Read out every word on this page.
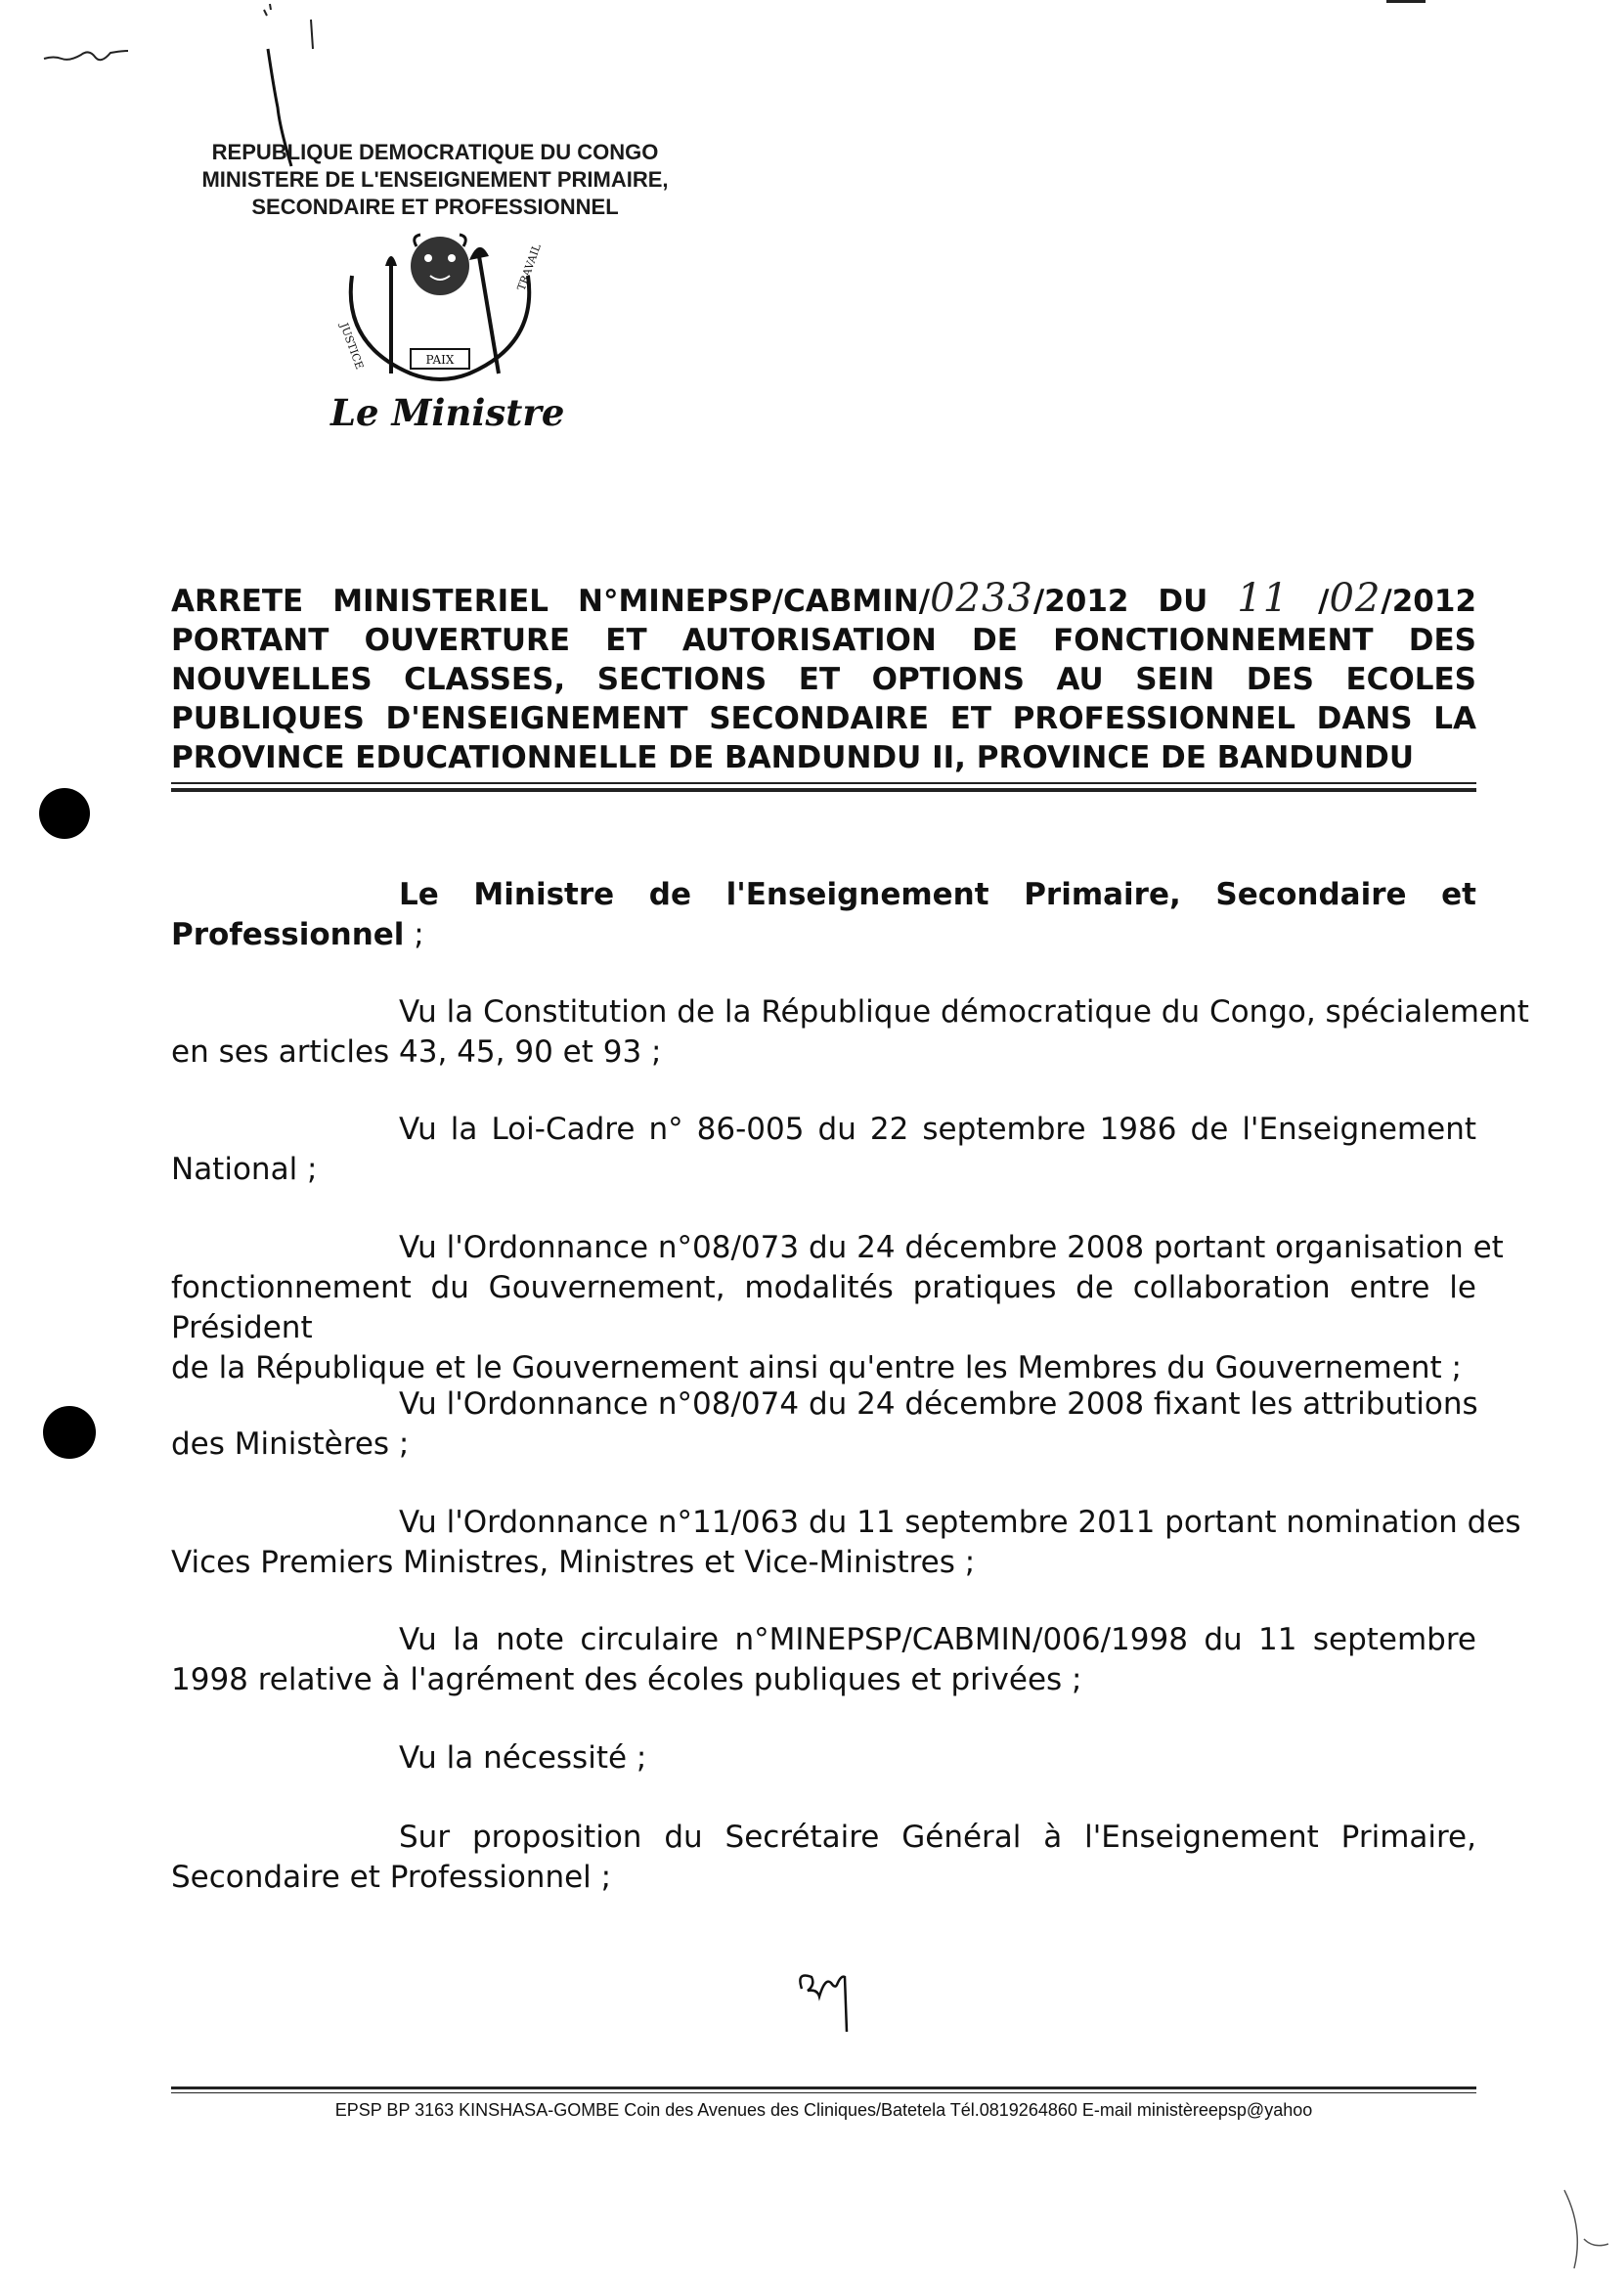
REPUBLIQUE DEMOCRATIQUE DU CONGO
MINISTERE DE L'ENSEIGNEMENT PRIMAIRE,
SECONDAIRE ET PROFESSIONNEL
PAIX
JUSTICE
TRAVAIL
Le Ministre
ARRETE MINISTERIEL N°MINEPSP/CABMIN/0233/2012 DU 11 /02/2012
PORTANT OUVERTURE ET AUTORISATION DE FONCTIONNEMENT DES
NOUVELLES CLASSES, SECTIONS ET OPTIONS AU SEIN DES ECOLES
PUBLIQUES D'ENSEIGNEMENT SECONDAIRE ET PROFESSIONNEL DANS LA
PROVINCE EDUCATIONNELLE DE BANDUNDU II, PROVINCE DE BANDUNDU
Le Ministre de l'Enseignement Primaire, Secondaire et
Professionnel ;
Vu la Constitution de la République démocratique du Congo, spécialement
en ses articles 43, 45, 90 et 93 ;
Vu la Loi-Cadre n° 86-005 du 22 septembre 1986 de l'Enseignement
National ;
Vu l'Ordonnance n°08/073 du 24 décembre 2008 portant organisation et
fonctionnement du Gouvernement, modalités pratiques de collaboration entre le Président
de la République et le Gouvernement ainsi qu'entre les Membres du Gouvernement ;
Vu l'Ordonnance n°08/074 du 24 décembre 2008 fixant les attributions
des Ministères ;
Vu l'Ordonnance n°11/063 du 11 septembre 2011 portant nomination des
Vices Premiers Ministres, Ministres et Vice-Ministres ;
Vu la note circulaire n°MINEPSP/CABMIN/006/1998 du 11 septembre
1998 relative à l'agrément des écoles publiques et privées ;
Vu la nécessité ;
Sur proposition du Secrétaire Général à l'Enseignement Primaire,
Secondaire et Professionnel ;
EPSP BP 3163 KINSHASA-GOMBE Coin des Avenues des Cliniques/Batetela Tél.0819264860 E-mail ministèreepsp@yahoo
